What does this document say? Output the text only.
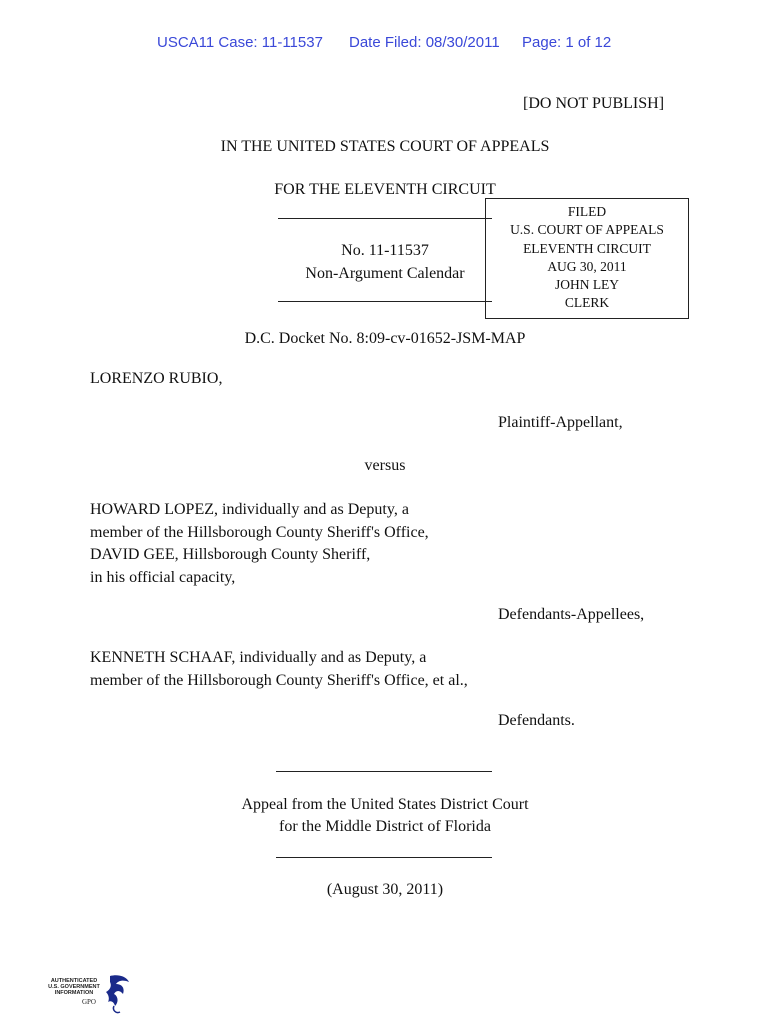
USCA11 Case: 11-11537 Date Filed: 08/30/2011 Page: 1 of 12
[DO NOT PUBLISH]
IN THE UNITED STATES COURT OF APPEALS
FOR THE ELEVENTH CIRCUIT
No. 11-11537
Non-Argument Calendar
FILED
U.S. COURT OF APPEALS
ELEVENTH CIRCUIT
AUG 30, 2011
JOHN LEY
CLERK
D.C. Docket No. 8:09-cv-01652-JSM-MAP
LORENZO RUBIO,
Plaintiff-Appellant,
versus
HOWARD LOPEZ, individually and as Deputy, a
member of the Hillsborough County Sheriff's Office,
DAVID GEE, Hillsborough County Sheriff,
in his official capacity,
Defendants-Appellees,
KENNETH SCHAAF, individually and as Deputy, a
member of the Hillsborough County Sheriff's Office, et al.,
Defendants.
Appeal from the United States District Court
for the Middle District of Florida
(August 30, 2011)
AUTHENTICATED
U.S. GOVERNMENT
INFORMATION
GPO
